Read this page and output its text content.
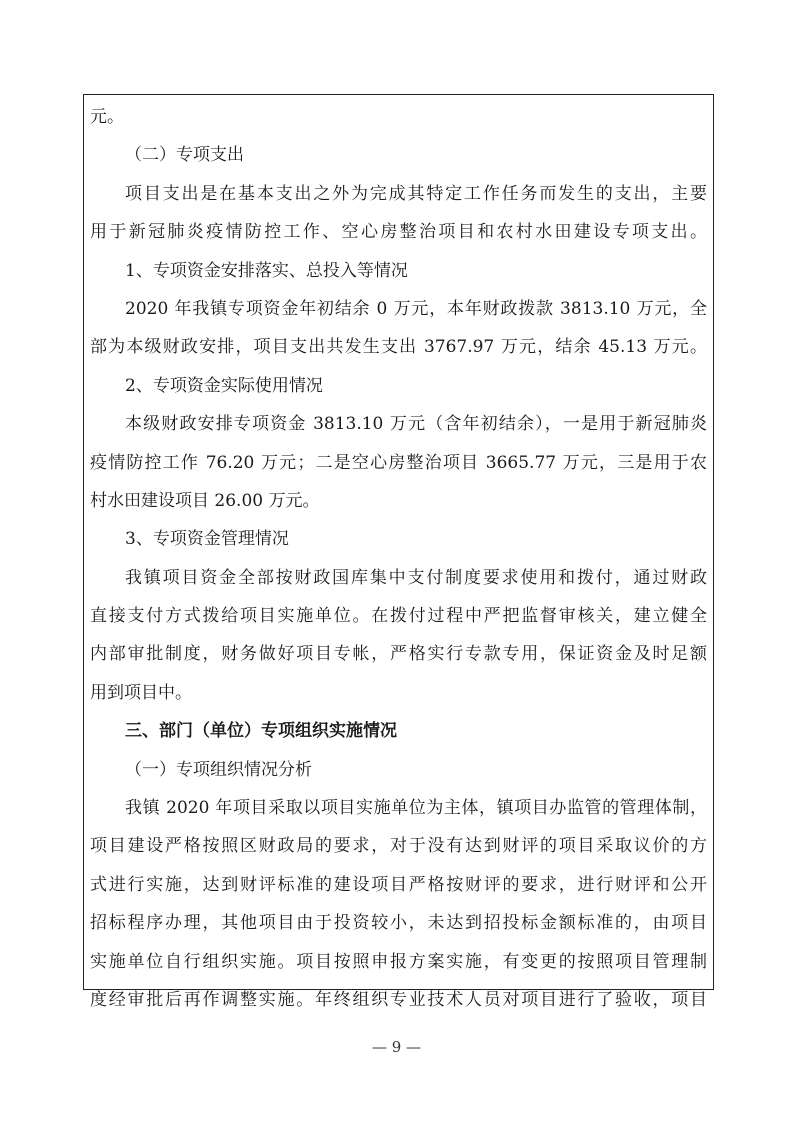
元。
（二）专项支出
项目支出是在基本支出之外为完成其特定工作任务而发生的支出，主要
用于新冠肺炎疫情防控工作、空心房整治项目和农村水田建设专项支出。
1、专项资金安排落实、总投入等情况
2020 年我镇专项资金年初结余 0 万元，本年财政拨款 3813.10 万元，全
部为本级财政安排，项目支出共发生支出 3767.97 万元，结余 45.13 万元。
2、专项资金实际使用情况
本级财政安排专项资金 3813.10 万元（含年初结余），一是用于新冠肺炎
疫情防控工作 76.20 万元；二是空心房整治项目 3665.77 万元，三是用于农
村水田建设项目 26.00 万元。
3、专项资金管理情况
我镇项目资金全部按财政国库集中支付制度要求使用和拨付，通过财政
直接支付方式拨给项目实施单位。在拨付过程中严把监督审核关，建立健全
内部审批制度，财务做好项目专帐，严格实行专款专用，保证资金及时足额
用到项目中。
三、部门（单位）专项组织实施情况
（一）专项组织情况分析
我镇 2020 年项目采取以项目实施单位为主体，镇项目办监管的管理体制，
项目建设严格按照区财政局的要求，对于没有达到财评的项目采取议价的方
式进行实施，达到财评标准的建设项目严格按财评的要求，进行财评和公开
招标程序办理，其他项目由于投资较小，未达到招投标金额标准的，由项目
实施单位自行组织实施。项目按照申报方案实施，有变更的按照项目管理制
度经审批后再作调整实施。年终组织专业技术人员对项目进行了验收，项目
— 9 —
